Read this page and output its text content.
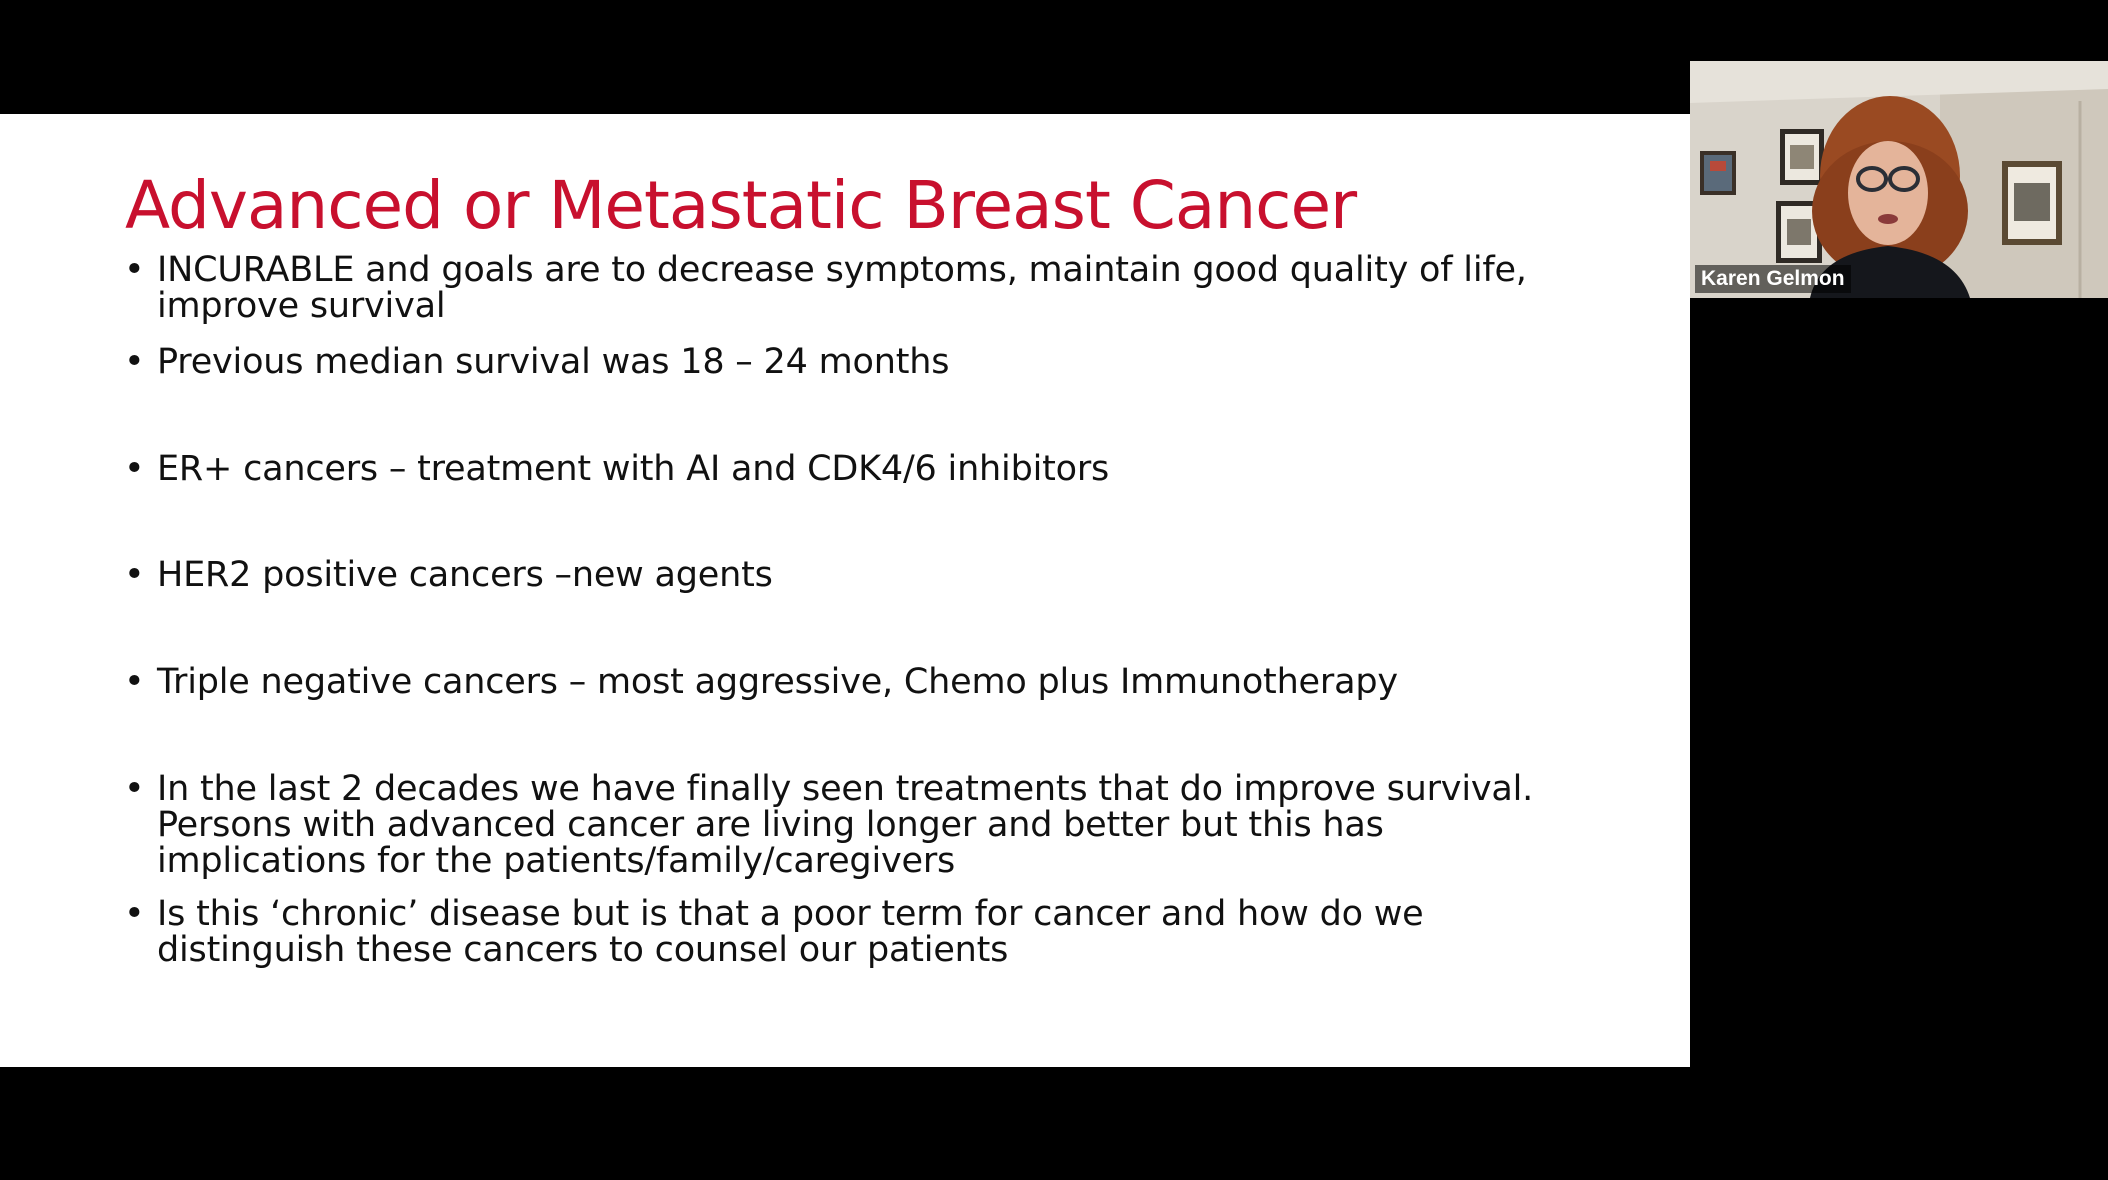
Advanced or Metastatic Breast Cancer
• INCURABLE and goals are to decrease symptoms, maintain good quality of life,
improve survival
• Previous median survival was 18 – 24 months
• ER+ cancers – treatment with AI and CDK4/6 inhibitors
• HER2 positive cancers –new agents
• Triple negative cancers – most aggressive, Chemo plus Immunotherapy
• In the last 2 decades we have finally seen treatments that do improve survival.
Persons with advanced cancer are living longer and better but this has
implications for the patients/family/caregivers
• Is this ‘chronic’ disease but is that a poor term for cancer and how do we
distinguish these cancers to counsel our patients
Karen Gelmon
